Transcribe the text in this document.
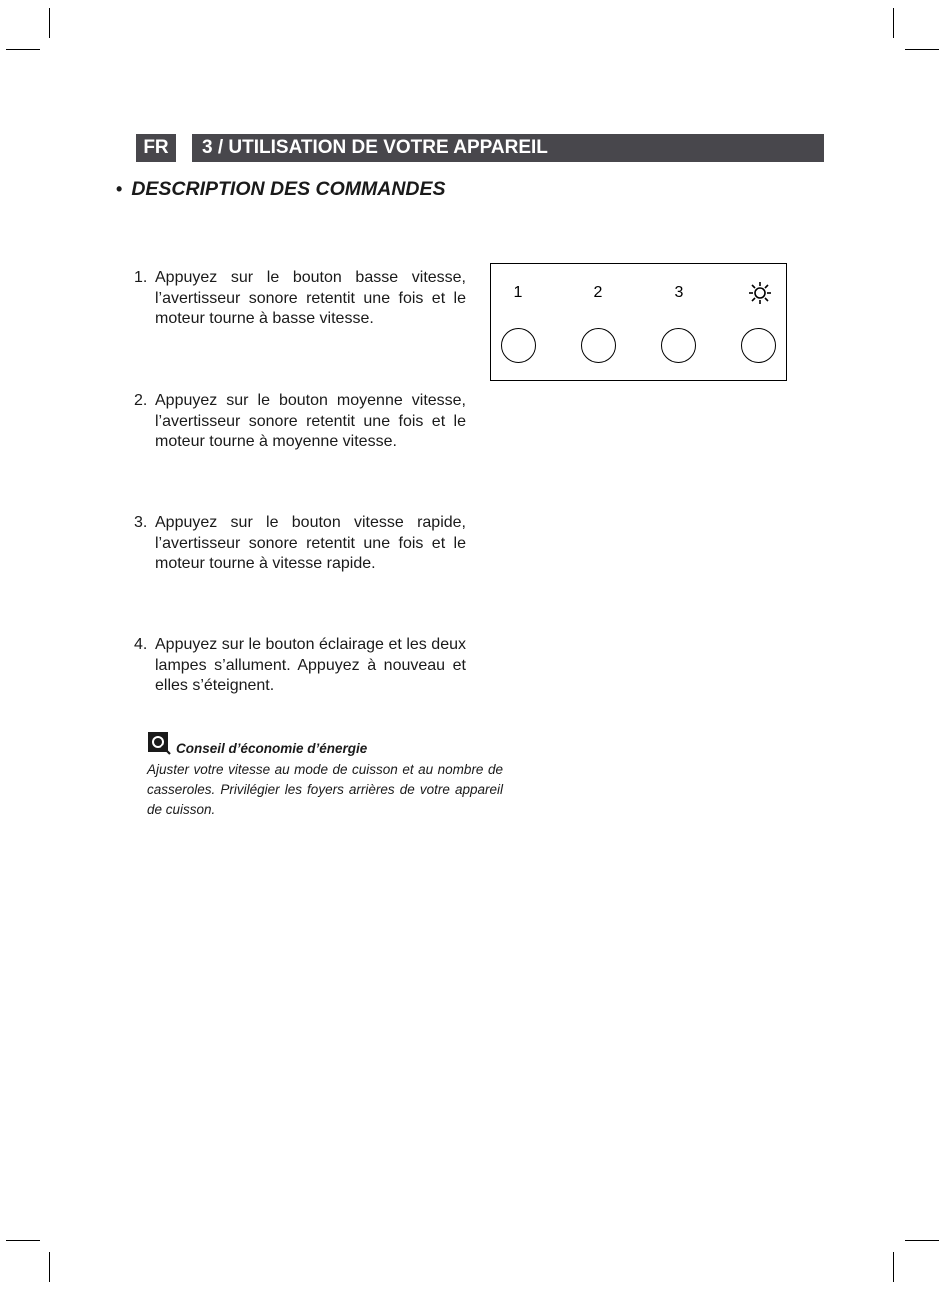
FR	3 / UTILISATION DE VOTRE APPAREIL
• DESCRIPTION DES COMMANDES
1. Appuyez sur le bouton basse vitesse, l’avertisseur sonore retentit une fois et le moteur tourne à basse vitesse.
2. Appuyez sur le bouton moyenne vitesse, l’avertisseur sonore retentit une fois et le moteur tourne à moyenne vitesse.
3. Appuyez sur le bouton vitesse rapide, l’avertisseur sonore retentit une fois et le moteur tourne à vitesse rapide.
4. Appuyez sur le bouton éclairage et les deux lampes s’allument. Appuyez à nouveau et elles s’éteignent.
1	2	3
Conseil d’économie d’énergie
Ajuster votre vitesse au mode de cuisson et au nombre de casseroles. Privilégier les foyers arrières de votre appareil de cuisson.
